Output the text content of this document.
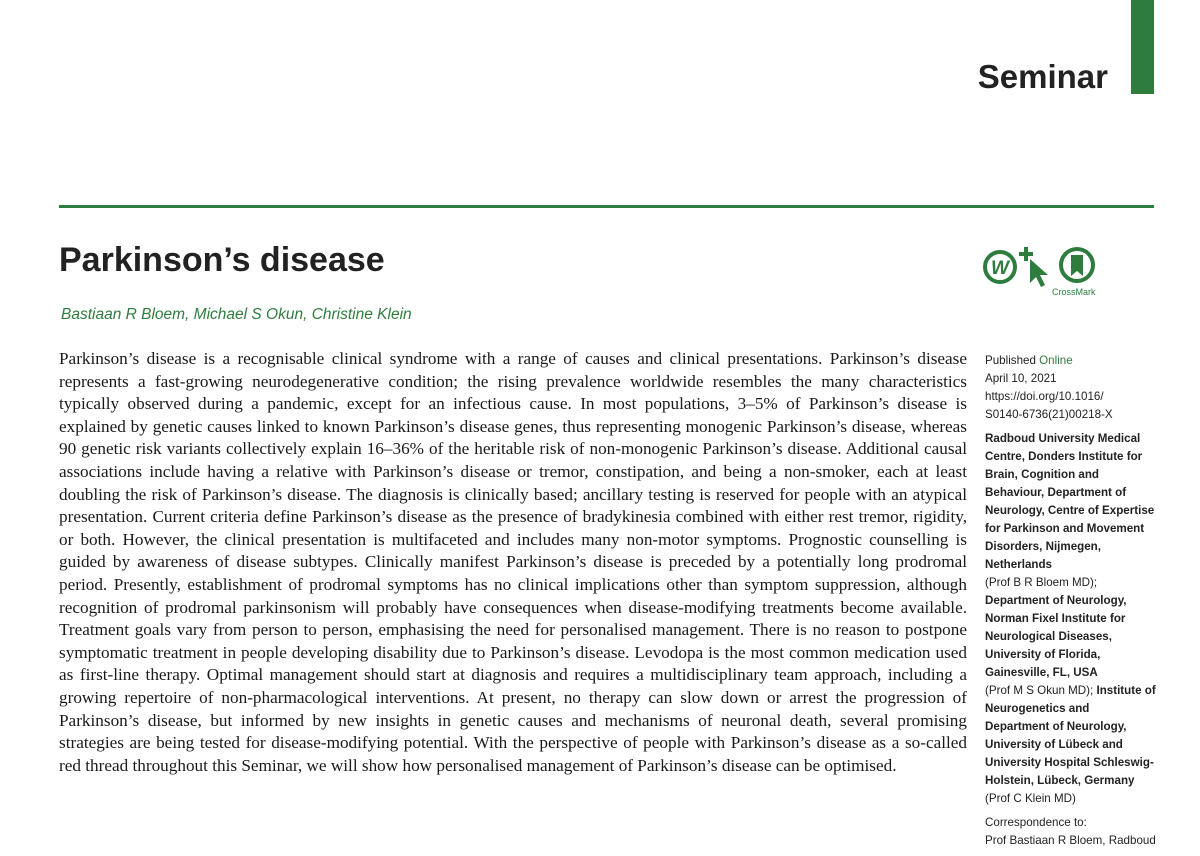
Seminar
Parkinson’s disease
Bastiaan R Bloem, Michael S Okun, Christine Klein
W
CrossMark

Parkinson’s disease is a recognisable clinical syndrome with a range of causes and clinical presentations. Parkinson’s disease represents a fast-growing neurodegenerative condition; the rising prevalence worldwide resembles the many characteristics typically observed during a pandemic, except for an infectious cause. In most populations, 3–5% of Parkinson’s disease is explained by genetic causes linked to known Parkinson’s disease genes, thus representing monogenic Parkinson’s disease, whereas 90 genetic risk variants collectively explain 16–36% of the heritable risk of non-monogenic Parkinson’s disease. Additional causal associations include having a relative with Parkinson’s disease or tremor, constipation, and being a non-smoker, each at least doubling the risk of Parkinson’s disease. The diagnosis is clinically based; ancillary testing is reserved for people with an atypical presentation. Current criteria define Parkinson’s disease as the presence of bradykinesia combined with either rest tremor, rigidity, or both. However, the clinical presentation is multifaceted and includes many non-motor symptoms. Prognostic counselling is guided by awareness of disease subtypes. Clinically manifest Parkinson’s disease is preceded by a potentially long prodromal period. Presently, establishment of prodromal symptoms has no clinical implications other than symptom suppression, although recognition of prodromal parkinsonism will probably have consequences when disease-modifying treatments become available. Treatment goals vary from person to person, emphasising the need for personalised management. There is no reason to postpone symptomatic treatment in people developing disability due to Parkinson’s disease. Levodopa is the most common medication used as first-line therapy. Optimal management should start at diagnosis and requires a multidisciplinary team approach, including a growing repertoire of non-pharmacological interventions. At present, no therapy can slow down or arrest the progression of Parkinson’s disease, but informed by new insights in genetic causes and mechanisms of neuronal death, several promising strategies are being tested for disease-modifying potential. With the perspective of people with Parkinson’s disease as a so-called red thread throughout this Seminar, we will show how personalised management of Parkinson’s disease can be optimised.

Published Online
April 10, 2021
https://doi.org/10.1016/
S0140-6736(21)00218-X
Radboud University Medical
Centre, Donders Institute for
Brain, Cognition and
Behaviour, Department of
Neurology, Centre of Expertise
for Parkinson and Movement
Disorders, Nijmegen,
Netherlands
(Prof B R Bloem MD);
Department of Neurology,
Norman Fixel Institute for
Neurological Diseases,
University of Florida,
Gainesville, FL, USA
(Prof M S Okun MD); Institute of
Neurogenetics and
Department of Neurology,
University of Lübeck and
University Hospital Schleswig-
Holstein, Lübeck, Germany
(Prof C Klein MD)
Correspondence to:
Prof Bastiaan R Bloem, Radboud
